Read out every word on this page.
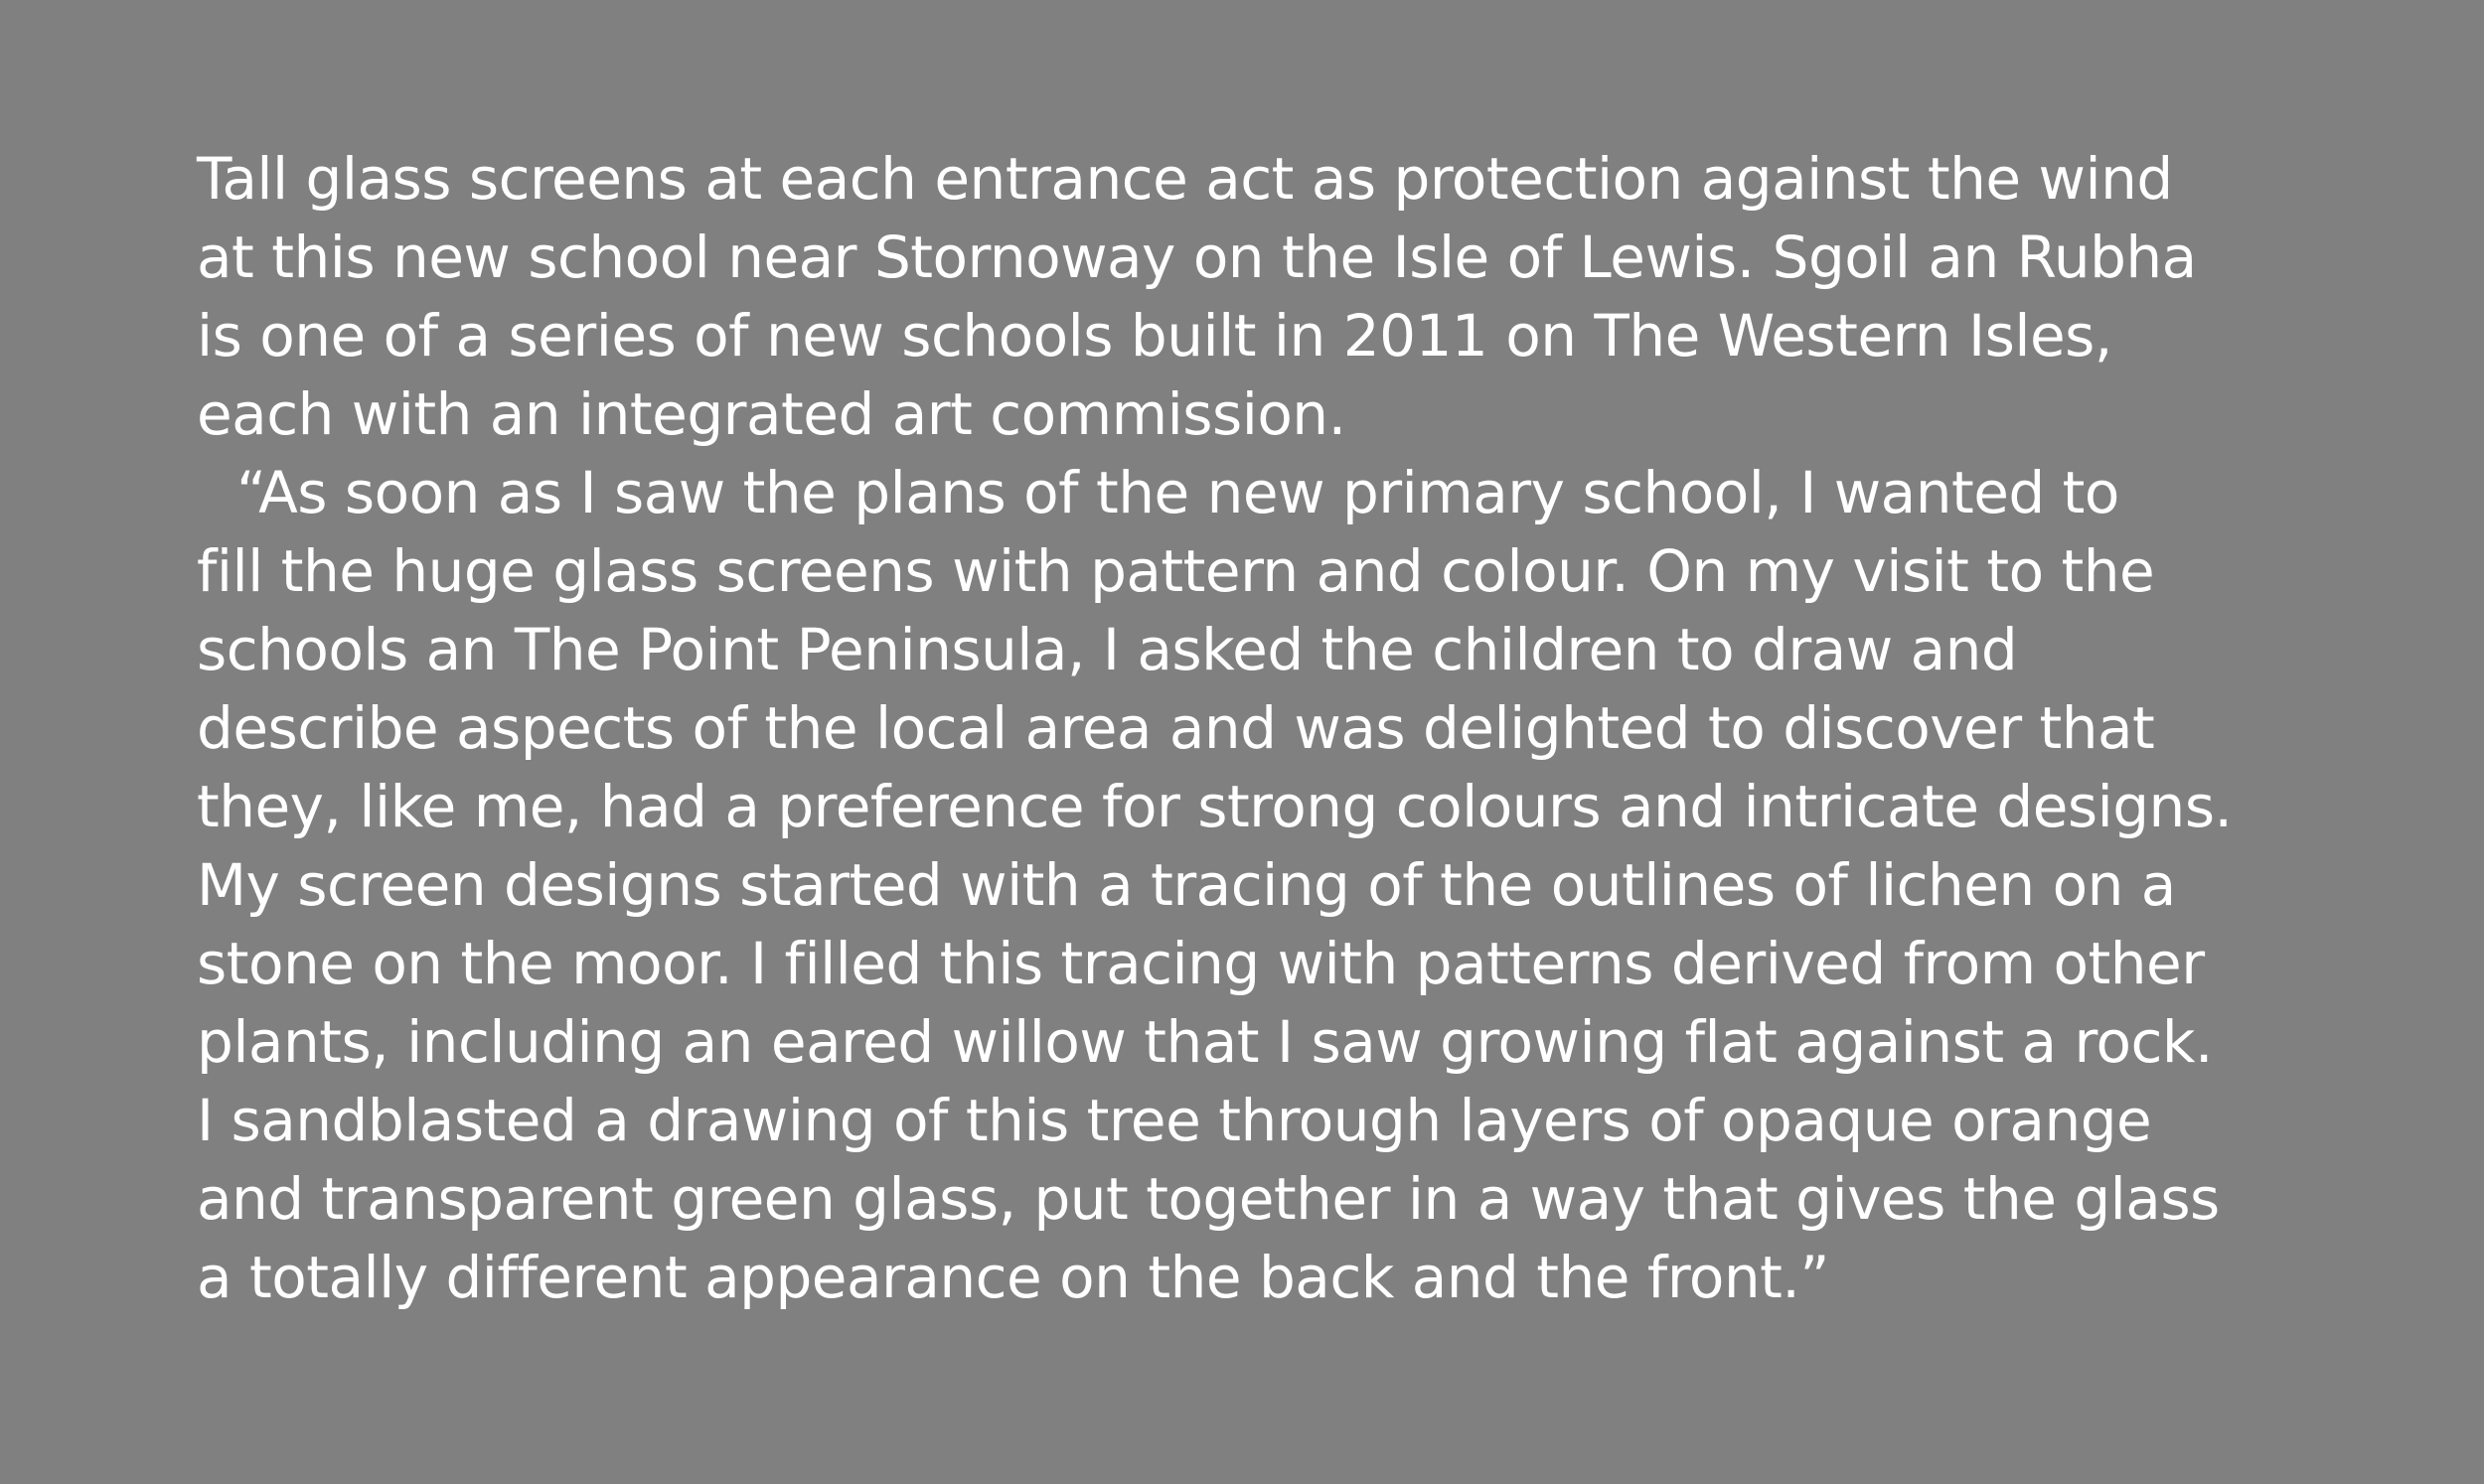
Tall glass screens at each entrance act as protection against the wind
at this new school near Stornoway on the Isle of Lewis. Sgoil an Rubha
is one of a series of new schools built in 2011 on The Western Isles,
each with an integrated art commission.
“As soon as I saw the plans of the new primary school, I wanted to
fill the huge glass screens with pattern and colour. On my visit to the
schools an The Point Peninsula, I asked the children to draw and
describe aspects of the local area and was delighted to discover that
they, like me, had a preference for strong colours and intricate designs.
My screen designs started with a tracing of the outlines of lichen on a
stone on the moor. I filled this tracing with patterns derived from other
plants, including an eared willow that I saw growing flat against a rock.
I sandblasted a drawing of this tree through layers of opaque orange
and transparent green glass, put together in a way that gives the glass
a totally different appearance on the back and the front.”
